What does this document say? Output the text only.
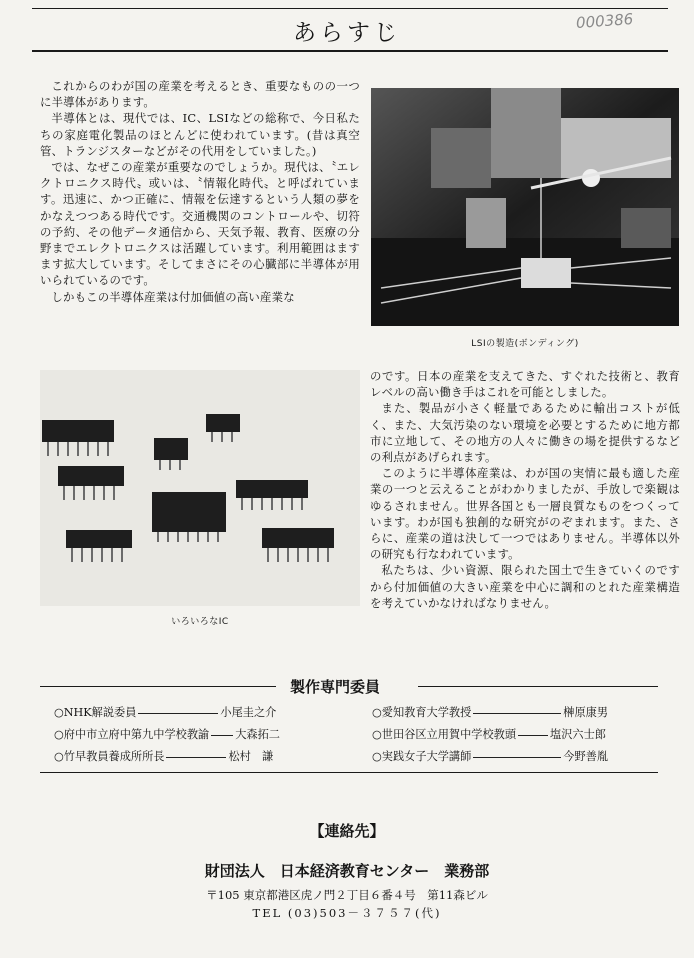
あらすじ	000386

これからのわが国の産業を考えるとき、重要なものの一つに半導体があります。

半導体とは、現代では、IC、LSIなどの総称で、今日私たちの家庭電化製品のほとんどに使われています。(昔は真空管、トランジスターなどがその代用をしていました。)

では、なぜこの産業が重要なのでしょうか。現代は、〝エレクトロニクス時代〟或いは、〝情報化時代〟と呼ばれています。迅速に、かつ正確に、情報を伝達するという人類の夢をかなえつつある時代です。交通機関のコントロールや、切符の予約、その他データ通信から、天気予報、教育、医療の分野までエレクトロニクスは活躍しています。利用範囲はますます拡大しています。そしてまさにその心臓部に半導体が用いられているのです。

しかもこの半導体産業は付加価値の高い産業な

LSIの製造(ボンディング)
いろいろなIC

のです。日本の産業を支えてきた、すぐれた技術と、教育レベルの高い働き手はこれを可能としました。

また、製品が小さく軽量であるために輸出コストが低く、また、大気汚染のない環境を必要とするために地方都市に立地して、その地方の人々に働きの場を提供するなどの利点があげられます。

このように半導体産業は、わが国の実情に最も適した産業の一つと云えることがわかりましたが、手放しで楽観はゆるされません。世界各国とも一層良質なものをつくっています。わが国も独創的な研究がのぞまれます。また、さらに、産業の道は決して一つではありません。半導体以外の研究も行なわれています。

私たちは、少い資源、限られた国土で生きていくのですから付加価値の大きい産業を中心に調和のとれた産業構造を考えていかなければなりません。

製作専門委員
○NHK解説委員	小尾圭之介
○府中市立府中第九中学校教諭 大森拓二
○竹早教員養成所所長	松村　謙
○愛知教育大学教授	榊原康男
○世田谷区立用賀中学校教頭	塩沢六士郎
○実践女子大学講師	今野善胤
【連絡先】
財団法人　日本経済教育センター　業務部
〒105 東京都港区虎ノ門２丁目６番４号　第11森ビル
TEL (03)503－３７５７(代)
